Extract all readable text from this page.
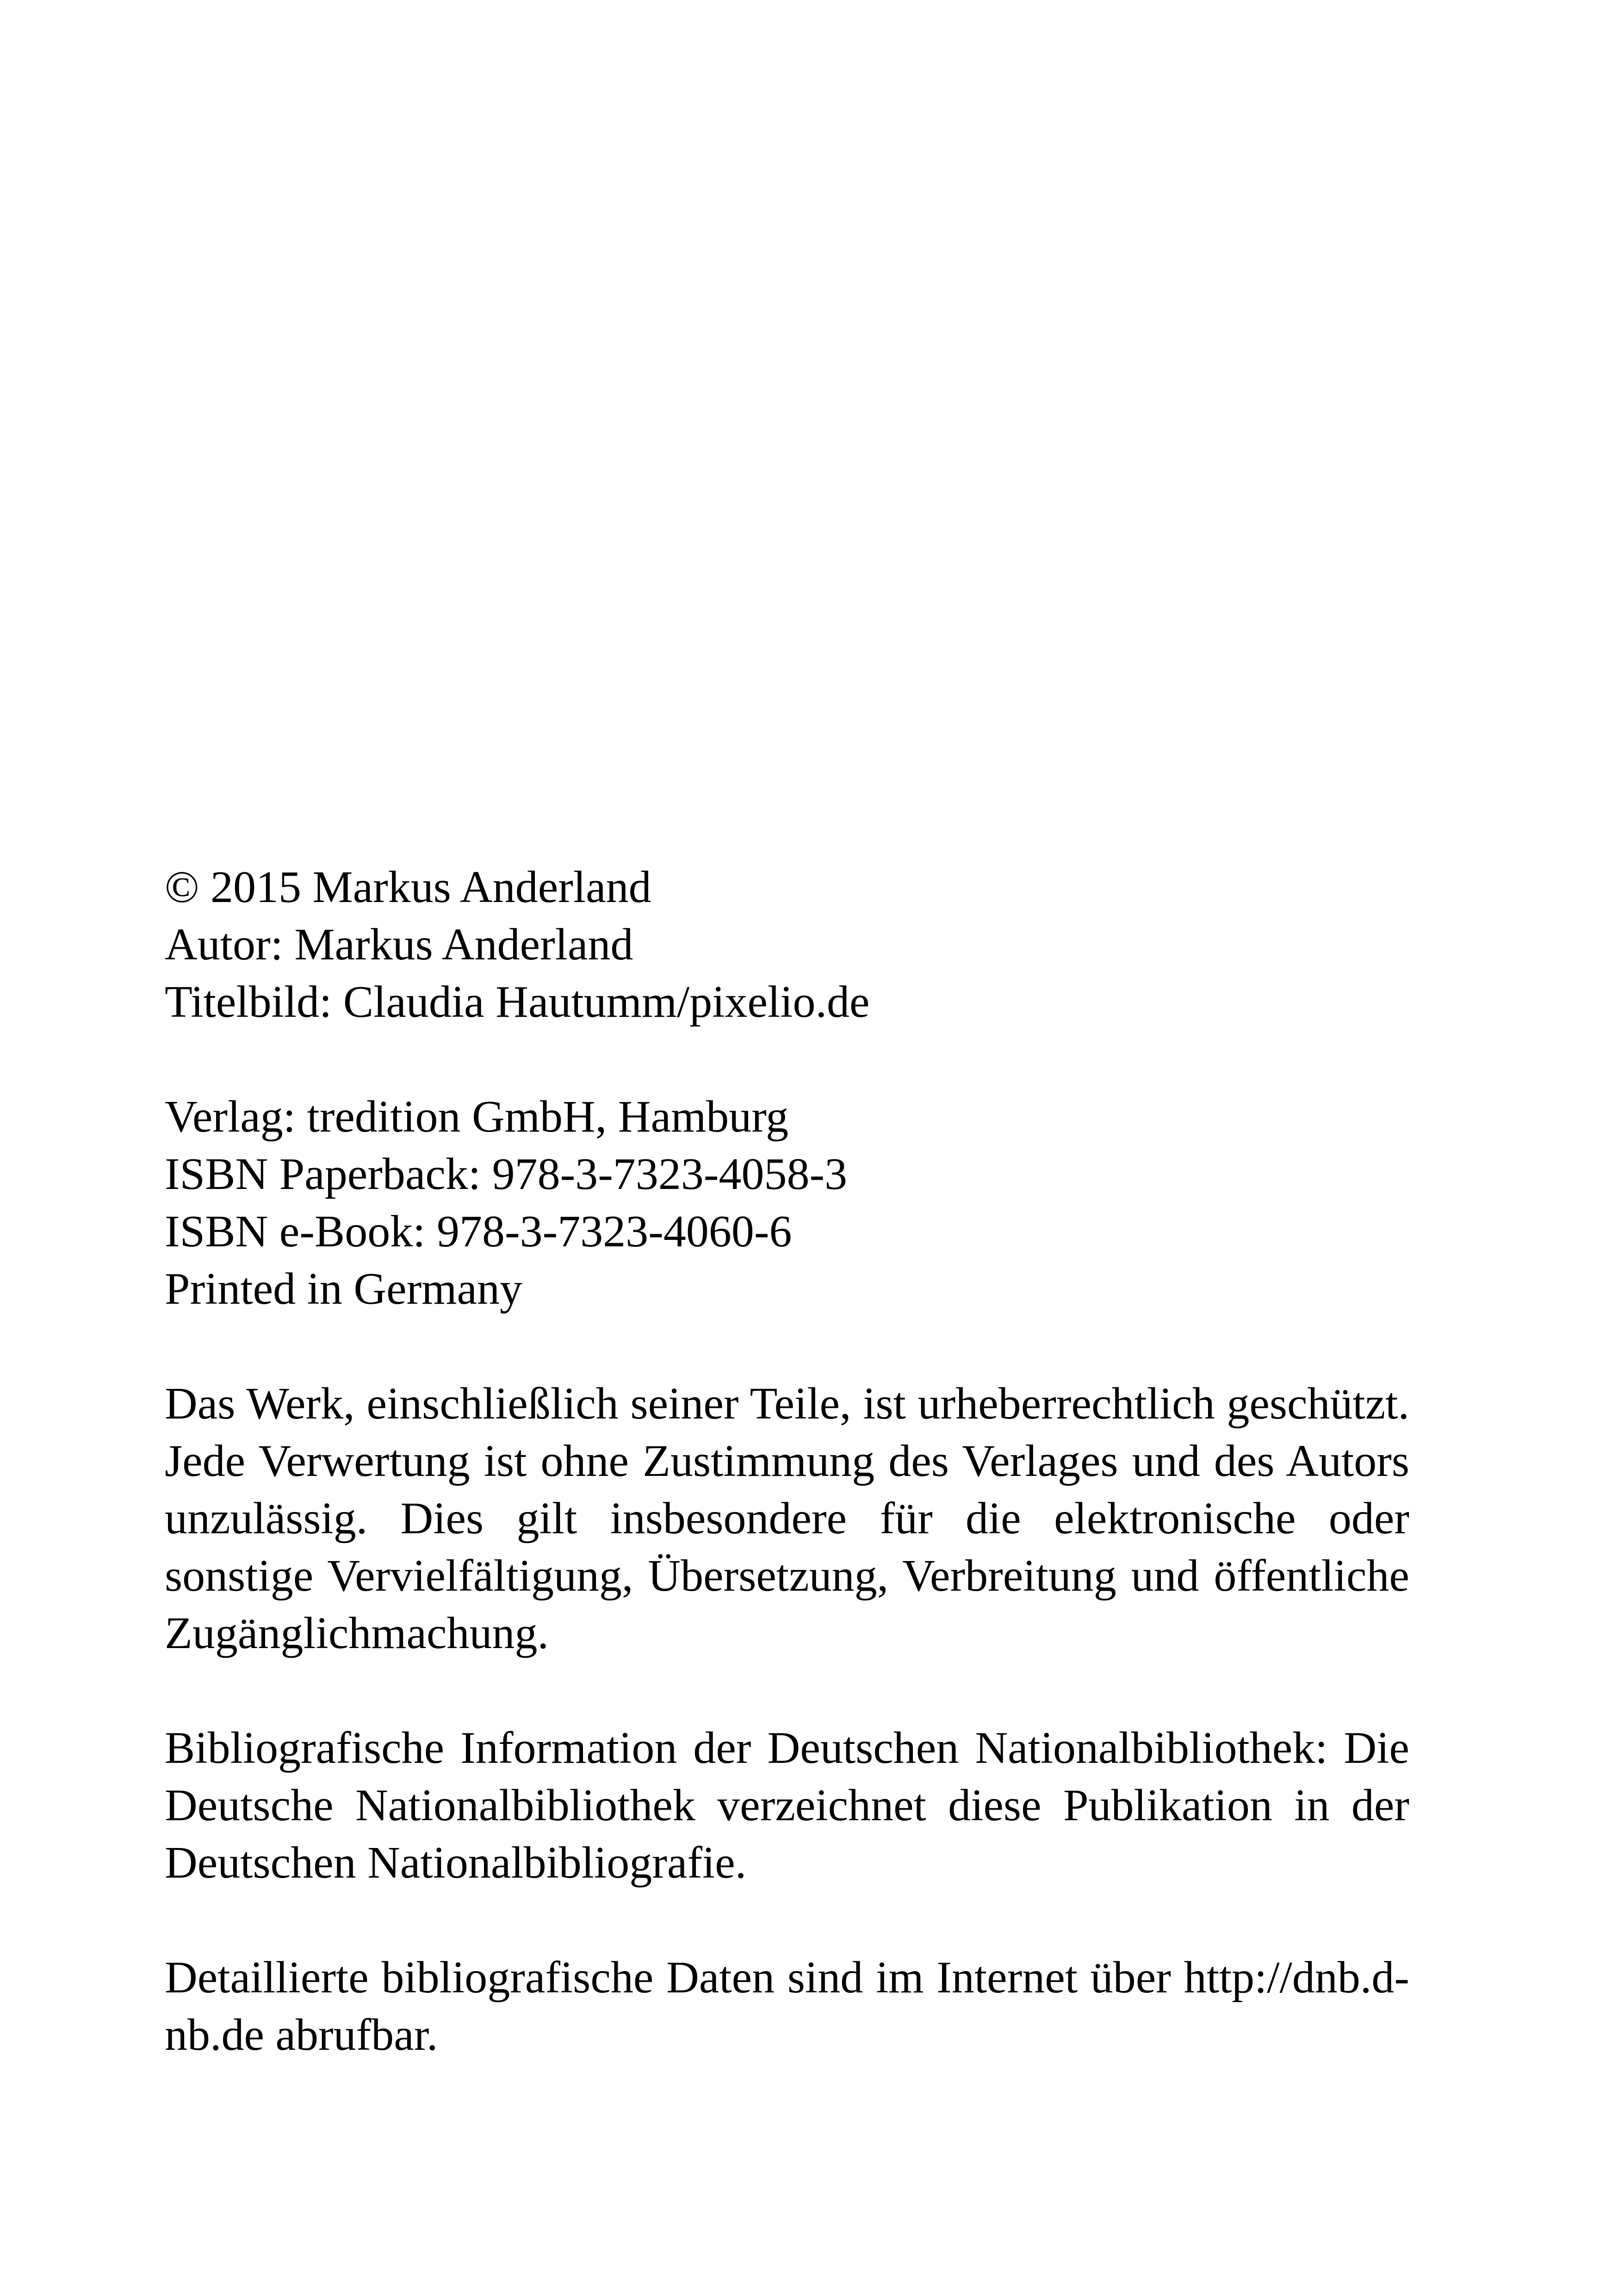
© 2015 Markus Anderland
Autor: Markus Anderland
Titelbild: Claudia Hautumm/pixelio.de
Verlag: tredition GmbH, Hamburg
ISBN Paperback: 978-3-7323-4058-3
ISBN e-Book: 978-3-7323-4060-6
Printed in Germany

Das Werk, einschließlich seiner Teile, ist urheberrechtlich geschützt. Jede Verwertung ist ohne Zustimmung des Verlages und des Autors unzulässig. Dies gilt insbesondere für die elektronische oder sonstige Vervielfältigung, Übersetzung, Verbreitung und öffentliche Zugänglichmachung.

Bibliografische Information der Deutschen Nationalbibliothek: Die Deutsche Nationalbibliothek verzeichnet diese Publikation in der Deutschen Nationalbibliografie.

Detaillierte bibliografische Daten sind im Internet über http://dnb.d-nb.de abrufbar.
